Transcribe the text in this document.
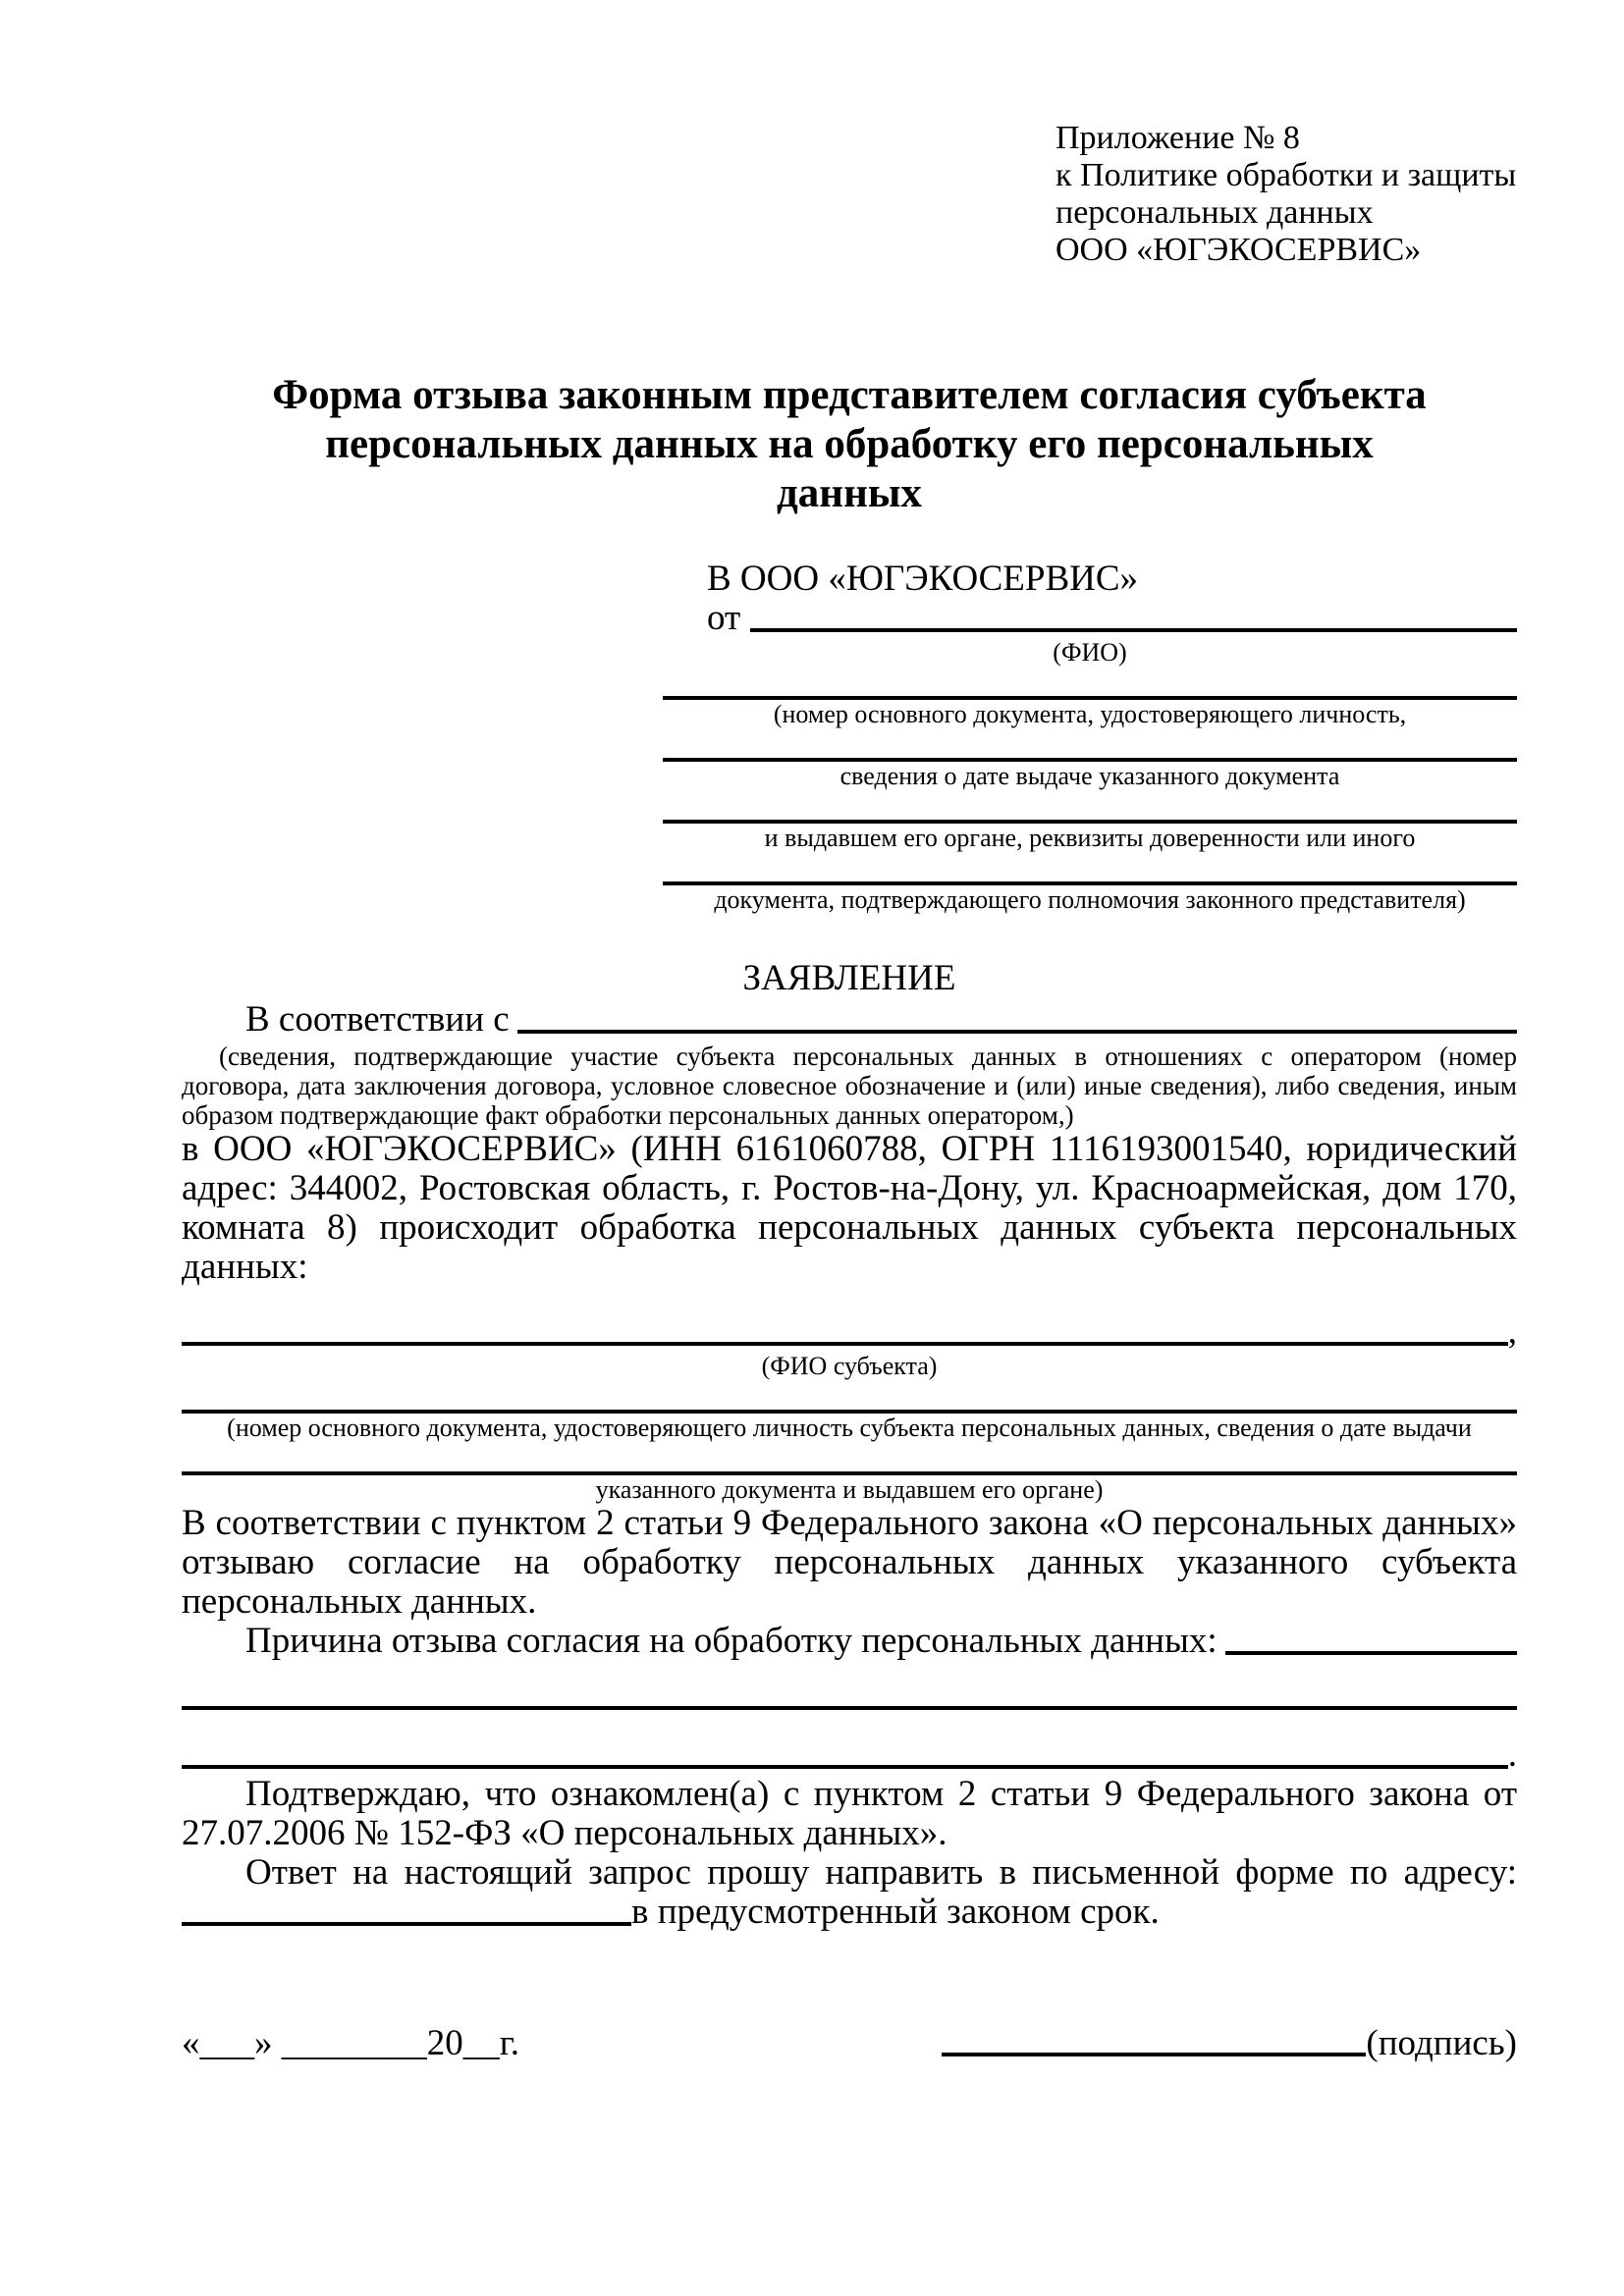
Приложение № 8
к Политике обработки и защиты
персональных данных
ООО «ЮГЭКОСЕРВИС»
Форма отзыва законным представителем согласия субъекта персональных данных на обработку его персональных данных
В ООО «ЮГЭКОСЕРВИС»
от
(ФИО)
(номер основного документа, удостоверяющего личность,
сведения о дате выдаче указанного документа
и выдавшем его органе, реквизиты доверенности или иного
документа, подтверждающего полномочия законного представителя)
ЗАЯВЛЕНИЕ
В соответствии с

(сведения, подтверждающие участие субъекта персональных данных в отношениях с оператором (номер договора, дата заключения договора, условное словесное обозначение и (или) иные сведения), либо сведения, иным образом подтверждающие факт обработки персональных данных оператором,)

в ООО «ЮГЭКОСЕРВИС» (ИНН 6161060788, ОГРН 1116193001540, юридический адрес: 344002, Ростовская область, г. Ростов-на-Дону, ул. Красноармейская, дом 170, комната 8) происходит обработка персональных данных субъекта персональных данных:

,
(ФИО субъекта)
(номер основного документа, удостоверяющего личность субъекта персональных данных, сведения о дате выдачи
указанного документа и выдавшем его органе)

В соответствии с пунктом 2 статьи 9 Федерального закона «О персональных данных» отзываю согласие на обработку персональных данных указанного субъекта персональных данных.

Причина отзыва согласия на обработку персональных данных:
.

Подтверждаю, что ознакомлен(а) с пунктом 2 статьи 9 Федерального закона от 27.07.2006 № 152-ФЗ «О персональных данных».

Ответ на настоящий запрос прошу направить в письменной форме по адресу:
в предусмотренный законом срок.
«___» ________20__г.	(подпись)
